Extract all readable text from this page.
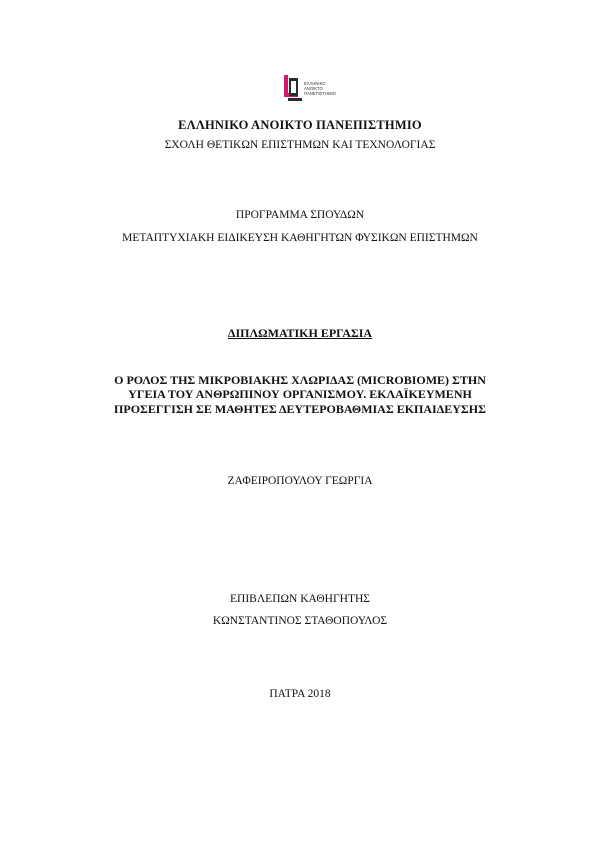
ΕΛΛΗΝΙΚΟ
ΑΝΟΙΚΤΟ
ΠΑΝΕΠΙΣΤΗΜΙΟ
ΕΛΛΗΝΙΚΟ ΑΝΟΙΚΤΟ ΠΑΝΕΠΙΣΤΗΜΙΟ
ΣΧΟΛΗ ΘΕΤΙΚΩΝ ΕΠΙΣΤΗΜΩΝ ΚΑΙ ΤΕΧΝΟΛΟΓΙΑΣ
ΠΡΟΓΡΑΜΜΑ ΣΠΟΥΔΩΝ
ΜΕΤΑΠΤΥΧΙΑΚΗ ΕΙΔΙΚΕΥΣΗ ΚΑΘΗΓΗΤΩΝ ΦΥΣΙΚΩΝ ΕΠΙΣΤΗΜΩΝ
ΔΙΠΛΩΜΑΤΙΚΗ ΕΡΓΑΣΙΑ
Ο ΡΟΛΟΣ ΤΗΣ ΜΙΚΡΟΒΙΑΚΗΣ ΧΛΩΡΙΔΑΣ (MICROBIOME) ΣΤΗΝ
ΥΓΕΙΑ ΤΟΥ ΑΝΘΡΩΠΙΝΟΥ ΟΡΓΑΝΙΣΜΟΥ. ΕΚΛΑΪΚΕΥΜΕΝΗ
ΠΡΟΣΕΓΓΙΣΗ ΣΕ ΜΑΘΗΤΕΣ ΔΕΥΤΕΡΟΒΑΘΜΙΑΣ ΕΚΠΑΙΔΕΥΣΗΣ
ΖΑΦΕΙΡΟΠΟΥΛΟΥ ΓΕΩΡΓΙΑ
ΕΠΙΒΛΕΠΩΝ ΚΑΘΗΓΗΤΗΣ
ΚΩΝΣΤΑΝΤΙΝΟΣ ΣΤΑΘΟΠΟΥΛΟΣ
ΠΑΤΡΑ 2018
